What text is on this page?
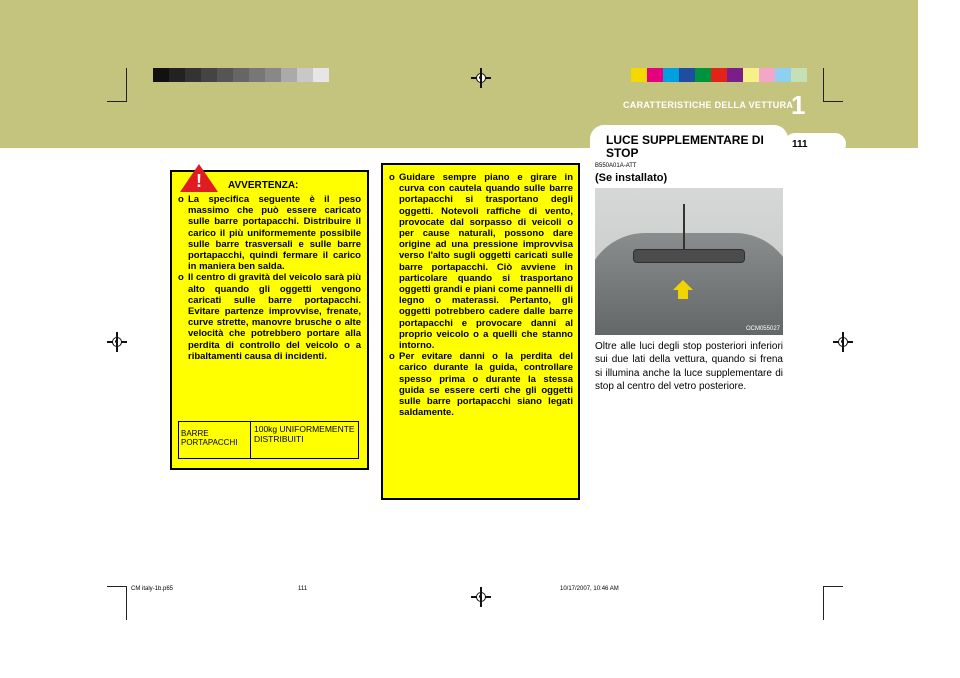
CARATTERISTICHE DELLA VETTURA
1
111
LUCE SUPPLEMENTARE DI STOP
AVVERTENZA:
o La specifica seguente è il peso massimo che può essere caricato sulle barre portapacchi. Distribuire il carico il più uniformemente possibile sulle barre trasversali e sulle barre portapacchi, quindi fermare il carico in maniera ben salda.
o Il centro di gravità del veicolo sarà più alto quando gli oggetti vengono caricati sulle barre portapacchi. Evitare partenze improvvise, frenate, curve strette, manovre brusche o alte velocità che potrebbero portare alla perdita di controllo del veicolo o a ribaltamenti causa di incidenti.
!
BARRE PORTAPACCHI
100kg UNIFORMEMENTE DISTRIBUITI
o Guidare sempre piano e girare in curva con cautela quando sulle barre portapacchi si trasportano degli oggetti. Notevoli raffiche di vento, provocate dal sorpasso di veicoli o per cause naturali, possono dare origine ad una pressione improvvisa verso l'alto sugli oggetti caricati sulle barre portapacchi. Ciò avviene in particolare quando si trasportano oggetti grandi e piani come pannelli di legno o materassi. Pertanto, gli oggetti potrebbero cadere dalle barre portapacchi e provocare danni al proprio veicolo o a quelli che stanno intorno.
o Per evitare danni o la perdita del carico durante la guida, controllare spesso prima o durante la stessa guida se essere certi che gli oggetti sulle barre portapacchi siano legati saldamente.
B550A01A-ATT
(Se installato)
OCM055027
Oltre alle luci degli stop posteriori inferiori sui due lati della vettura, quando si frena si illumina anche la luce supplementare di stop al centro del vetro posteriore.
CM italy-1b.p65	111	10/17/2007, 10:46 AM
